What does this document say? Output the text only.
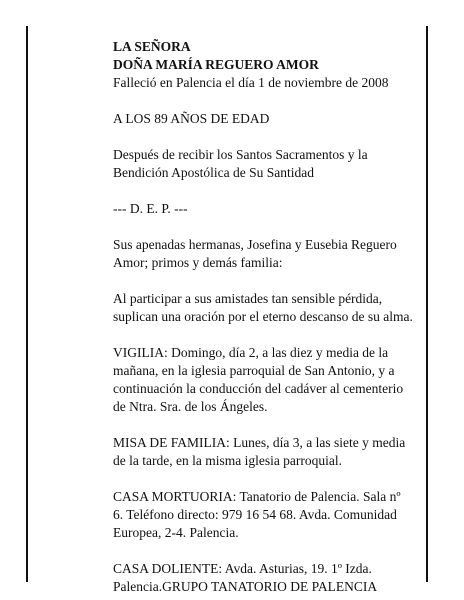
LA SEÑORA

DOÑA MARÍA REGUERO AMOR

Falleció en Palencia el día 1 de noviembre de 2008

A LOS 89 AÑOS DE EDAD

Después de recibir los Santos Sacramentos y la

Bendición Apostólica de Su Santidad

--- D. E. P. ---

Sus apenadas hermanas, Josefina y Eusebia Reguero

Amor; primos y demás familia:

Al participar a sus amistades tan sensible pérdida,

suplican una oración por el eterno descanso de su alma.

VIGILIA: Domingo, día 2, a las diez y media de la

mañana, en la iglesia parroquial de San Antonio, y a

continuación la conducción del cadáver al cementerio

de Ntra. Sra. de los Ángeles.

MISA DE FAMILIA: Lunes, día 3, a las siete y media

de la tarde, en la misma iglesia parroquial.

CASA MORTUORIA: Tanatorio de Palencia. Sala nº

6. Teléfono directo: 979 16 54 68. Avda. Comunidad

Europea, 2-4. Palencia.

CASA DOLIENTE: Avda. Asturias, 19. 1º Izda.

Palencia.GRUPO TANATORIO DE PALENCIA
